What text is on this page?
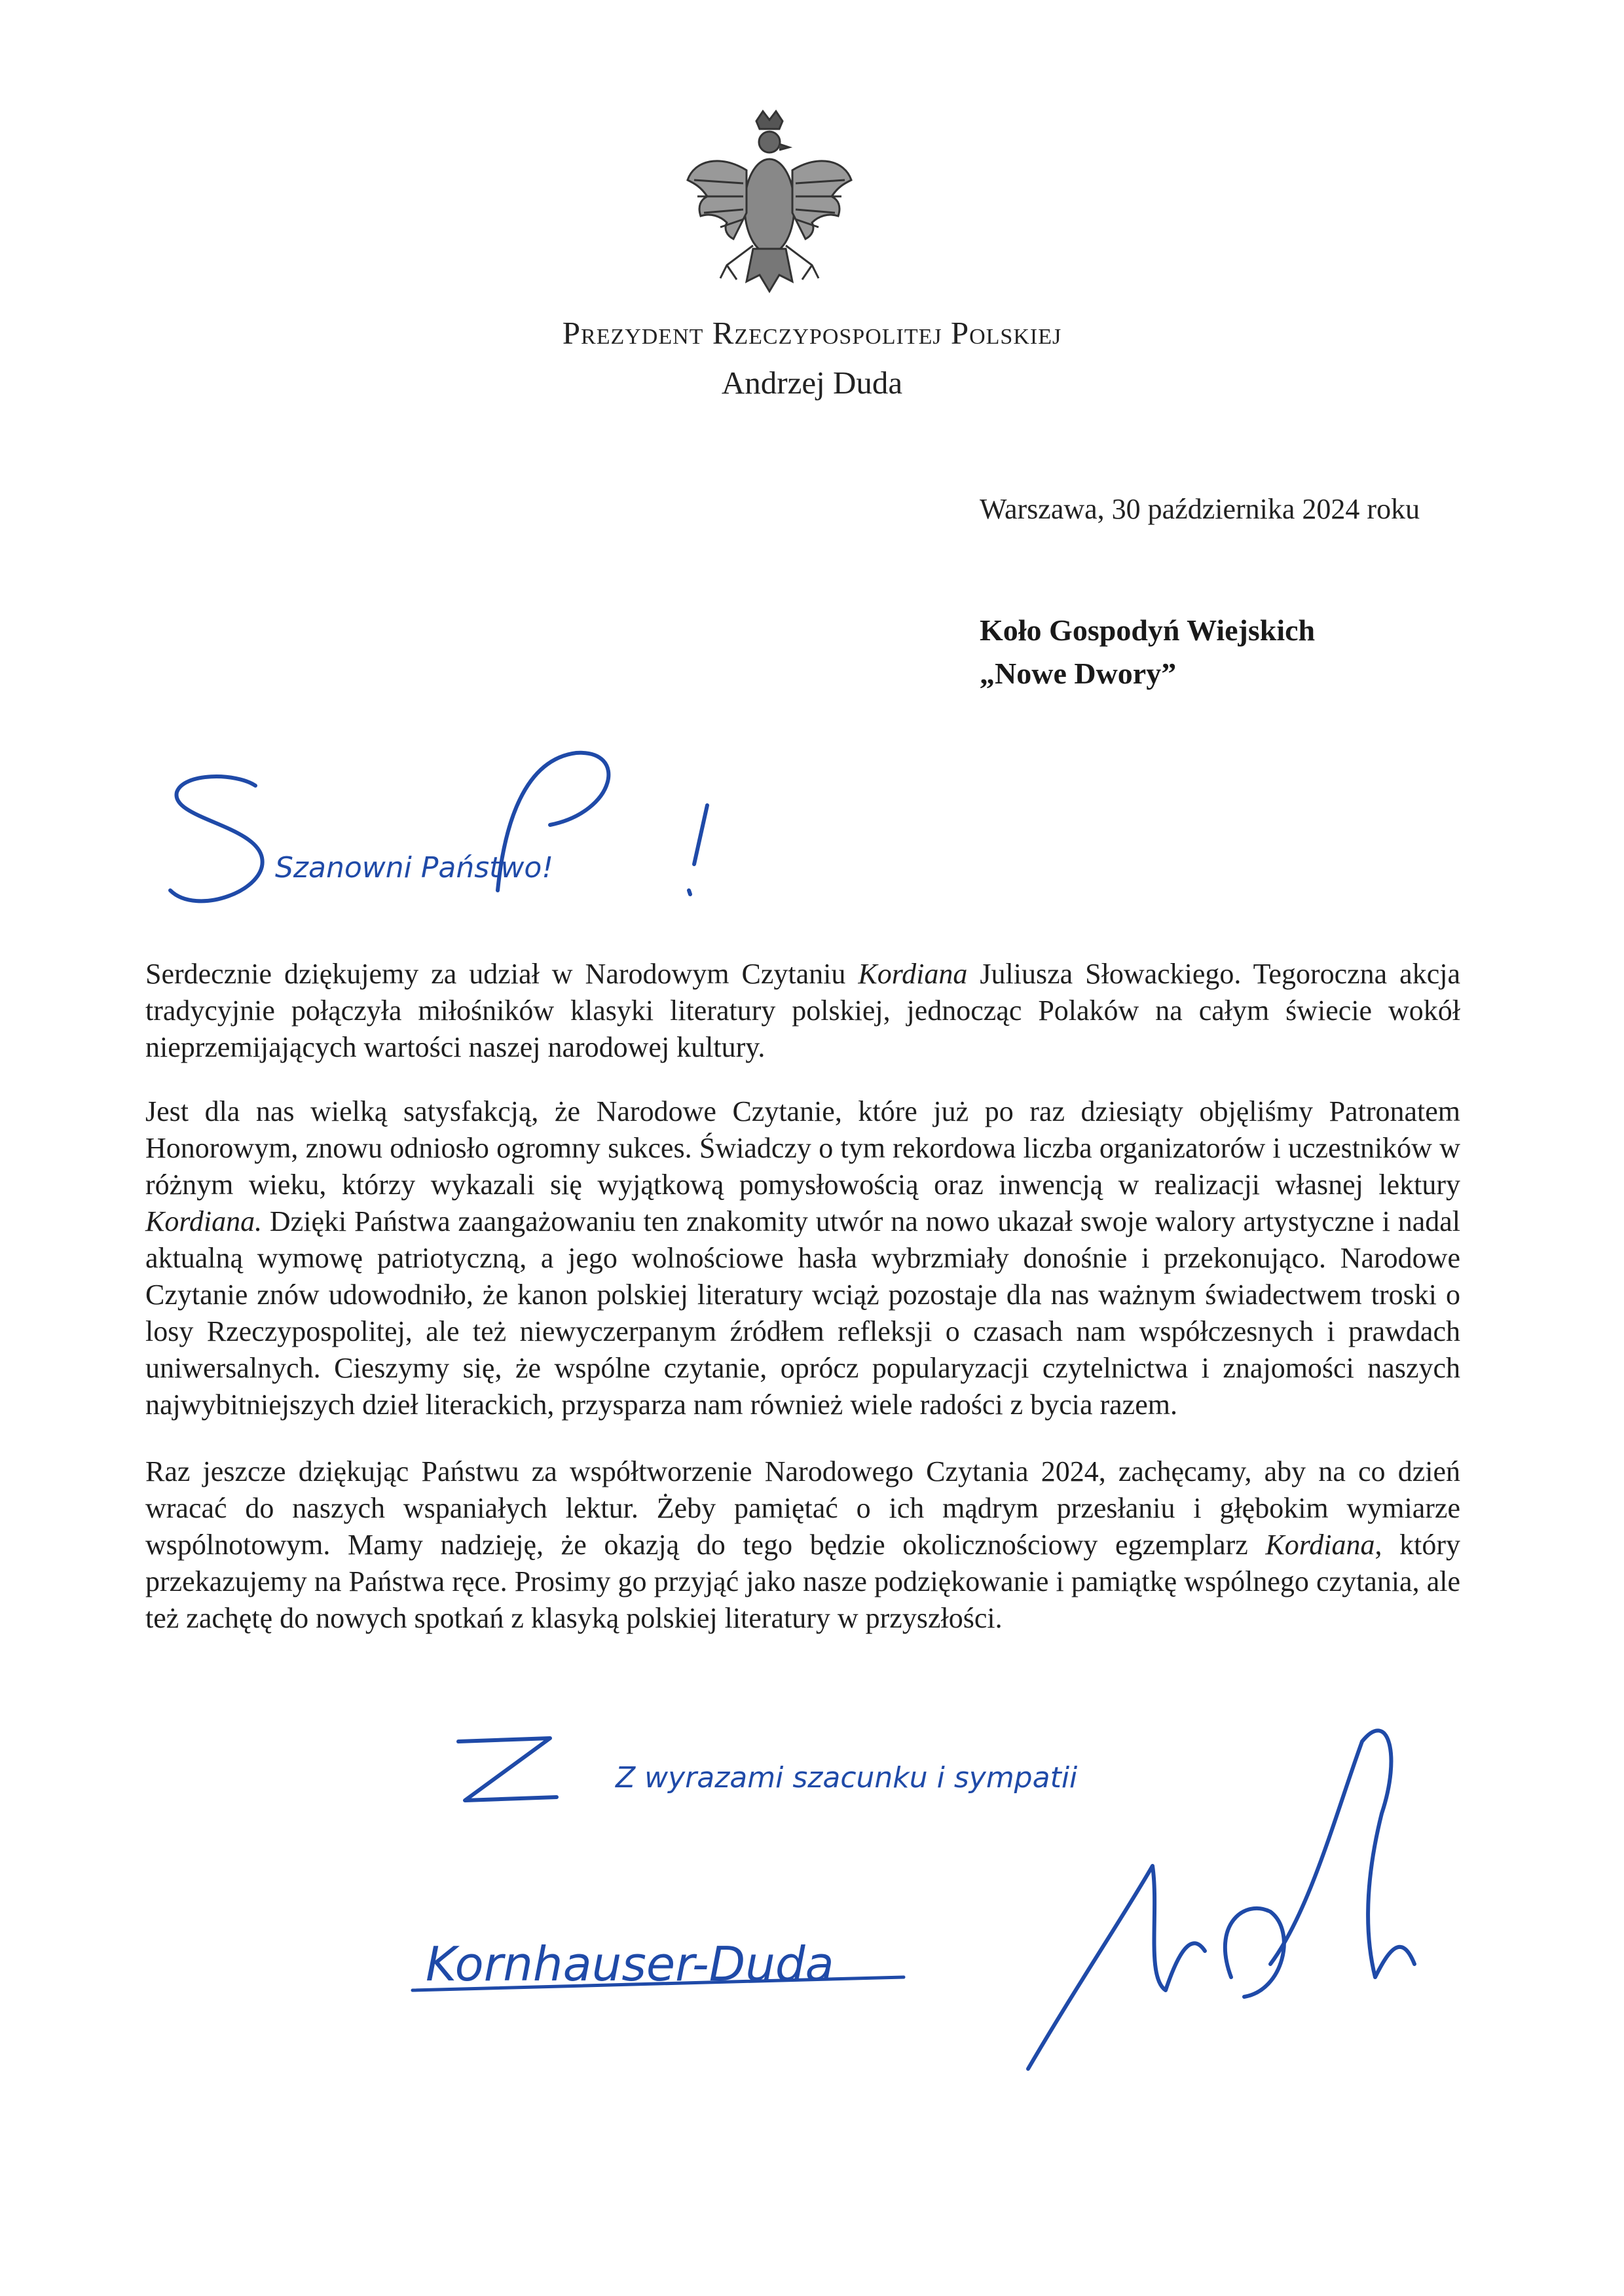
Prezydent Rzeczypospolitej Polskiej
Andrzej Duda
Warszawa, 30 października 2024 roku
Koło Gospodyń Wiejskich
„Nowe Dwory”
Szanowni Państwo!
Serdecznie dziękujemy za udział w Narodowym Czytaniu Kordiana Juliusza Słowackiego. Tegoroczna akcja tradycyjnie połączyła miłośników klasyki literatury polskiej, jednocząc Polaków na całym świecie wokół nieprzemijających wartości naszej narodowej kultury.
Jest dla nas wielką satysfakcją, że Narodowe Czytanie, które już po raz dziesiąty objęliśmy Patronatem Honorowym, znowu odniosło ogromny sukces. Świadczy o tym rekordowa liczba organizatorów i uczestników w różnym wieku, którzy wykazali się wyjątkową pomysłowością oraz inwencją w realizacji własnej lektury Kordiana. Dzięki Państwa zaangażowaniu ten znakomity utwór na nowo ukazał swoje walory artystyczne i nadal aktualną wymowę patriotyczną, a jego wolnościowe hasła wybrzmiały donośnie i przekonująco. Narodowe Czytanie znów udowodniło, że kanon polskiej literatury wciąż pozostaje dla nas ważnym świadectwem troski o losy Rzeczypospolitej, ale też niewyczerpanym źródłem refleksji o czasach nam współczesnych i prawdach uniwersalnych. Cieszymy się, że wspólne czytanie, oprócz popularyzacji czytelnictwa i znajomości naszych najwybitniejszych dzieł literackich, przysparza nam również wiele radości z bycia razem.
Raz jeszcze dziękując Państwu za współtworzenie Narodowego Czytania 2024, zachęcamy, aby na co dzień wracać do naszych wspaniałych lektur. Żeby pamiętać o ich mądrym przesłaniu i głębokim wymiarze wspólnotowym. Mamy nadzieję, że okazją do tego będzie okolicznościowy egzemplarz Kordiana, który przekazujemy na Państwa ręce. Prosimy go przyjąć jako nasze podziękowanie i pamiątkę wspólnego czytania, ale też zachętę do nowych spotkań z klasyką polskiej literatury w przyszłości.
Z wyrazami szacunku i sympatii
Kornhauser-Duda
